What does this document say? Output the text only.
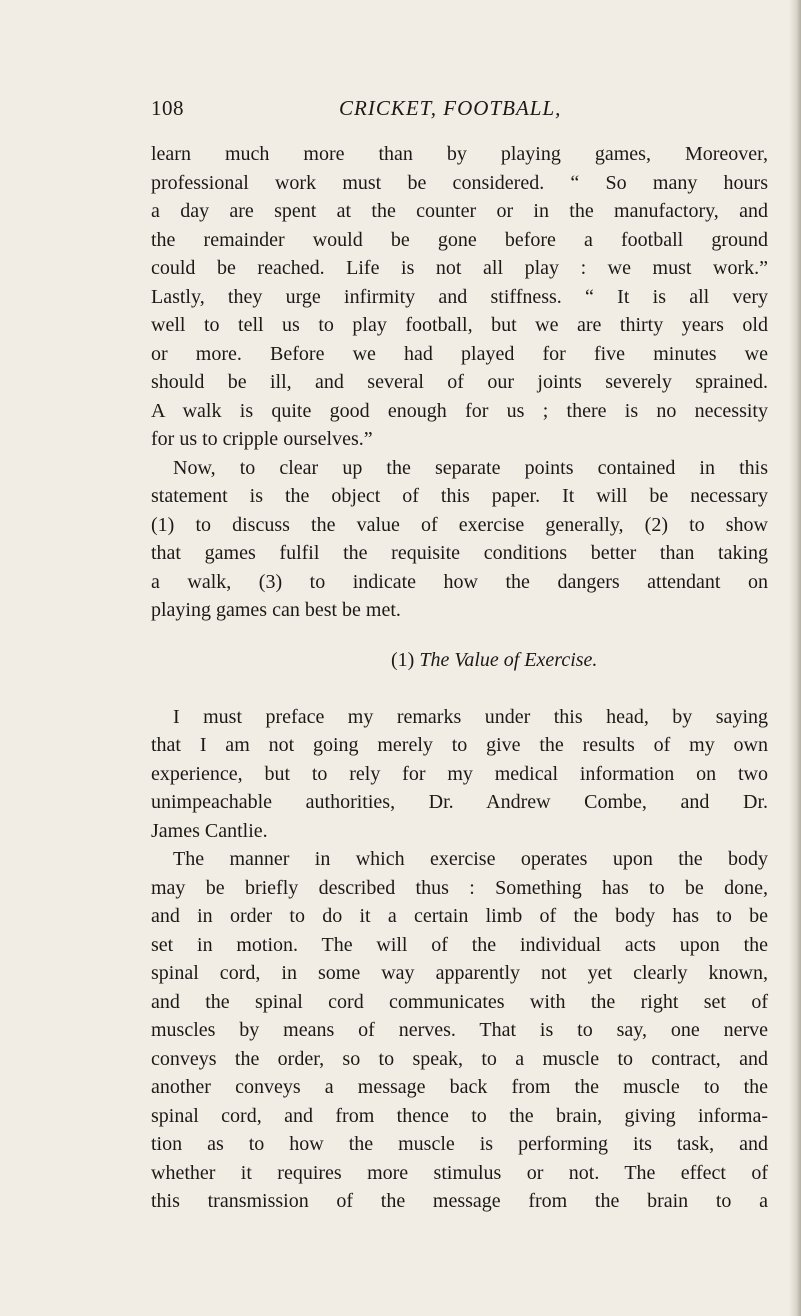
108	CRICKET, FOOTBALL,
learn much more than by playing games, Moreover,
professional work must be considered. “ So many hours
a day are spent at the counter or in the manufactory, and
the remainder would be gone before a football ground
could be reached. Life is not all play : we must work.”
Lastly, they urge infirmity and stiffness. “ It is all very
well to tell us to play football, but we are thirty years old
or more. Before we had played for five minutes we
should be ill, and several of our joints severely sprained.
A walk is quite good enough for us ; there is no necessity
for us to cripple ourselves.”
Now, to clear up the separate points contained in this
statement is the object of this paper. It will be necessary
(1) to discuss the value of exercise generally, (2) to show
that games fulfil the requisite conditions better than taking
a walk, (3) to indicate how the dangers attendant on
playing games can best be met.
(1) The Value of Exercise.
I must preface my remarks under this head, by saying
that I am not going merely to give the results of my own
experience, but to rely for my medical information on two
unimpeachable authorities, Dr. Andrew Combe, and Dr.
James Cantlie.
The manner in which exercise operates upon the body
may be briefly described thus : Something has to be done,
and in order to do it a certain limb of the body has to be
set in motion. The will of the individual acts upon the
spinal cord, in some way apparently not yet clearly known,
and the spinal cord communicates with the right set of
muscles by means of nerves. That is to say, one nerve
conveys the order, so to speak, to a muscle to contract, and
another conveys a message back from the muscle to the
spinal cord, and from thence to the brain, giving informa-
tion as to how the muscle is performing its task, and
whether it requires more stimulus or not. The effect of
this transmission of the message from the brain to a
